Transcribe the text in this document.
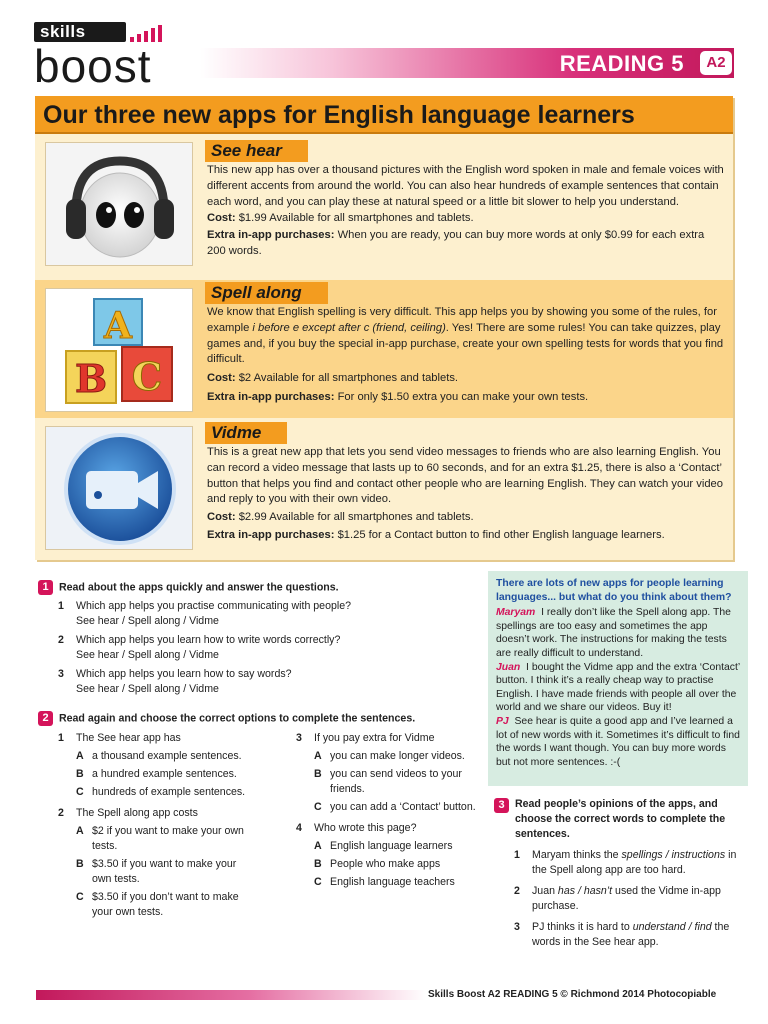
skills
boost	READING 5	A2
Our three new apps for English language learners
See hear

This new app has over a thousand pictures with the English word spoken in male and female voices with different accents from around the world. You can also hear hundreds of example sentences that contain each word, and you can play these at natural speed or a little bit slower to help you understand.

Cost: $1.99 Available for all smartphones and tablets.

Extra in-app purchases: When you are ready, you can buy more words at only $0.99 for each extra 200 words.

A
B C
Spell along

We know that English spelling is very difficult. This app helps you by showing you some of the rules, for example i before e except after c (friend, ceiling). Yes! There are some rules! You can take quizzes, play games and, if you buy the special in-app purchase, create your own spelling tests for words that you find difficult.

Cost: $2 Available for all smartphones and tablets.

Extra in-app purchases: For only $1.50 extra you can make your own tests.

Vidme

This is a great new app that lets you send video messages to friends who are also learning English. You can record a video message that lasts up to 60 seconds, and for an extra $1.25, there is also a ‘Contact’ button that helps you find and contact other people who are learning English. They can watch your video and reply to you with their own video.

Cost: $2.99 Available for all smartphones and tablets.

Extra in-app purchases: $1.25 for a Contact button to find other English language learners.

1 Read about the apps quickly and answer the questions.
1	Which app helps you practise communicating with people?
See hear / Spell along / Vidme
2	Which app helps you learn how to write words correctly?
See hear / Spell along / Vidme
3	Which app helps you learn how to say words?
See hear / Spell along / Vidme
2 Read again and choose the correct options to complete the sentences.
1	The See hear app has
A a thousand example sentences.
B a hundred example sentences.
C hundreds of example sentences.
2	The Spell along app costs
A $2 if you want to make your own tests.
B $3.50 if you want to make your own tests.
C $3.50 if you don’t want to make your own tests.
3	If you pay extra for Vidme
A you can make longer videos.
B you can send videos to your friends.
C you can add a ‘Contact’ button.
4	Who wrote this page?
A English language learners
B People who make apps
C English language teachers
There are lots of new apps for people learning languages... but what do you think about them?
Maryam I really don’t like the Spell along app. The spellings are too easy and sometimes the app doesn’t work. The instructions for making the tests are really difficult to understand.
Juan I bought the Vidme app and the extra ‘Contact’ button. I think it’s a really cheap way to practise English. I have made friends with people all over the world and we share our videos. Buy it!
PJ See hear is quite a good app and I’ve learned a lot of new words with it. Sometimes it’s difficult to find the words I want though. You can buy more words but not more sentences. :-(
3 Read people’s opinions of the apps, and choose the correct words to complete the sentences.
1	Maryam thinks the spellings / instructions in the Spell along app are too hard.
2	Juan has / hasn’t used the Vidme in-app purchase.
3	PJ thinks it is hard to understand / find the words in the See hear app.
Skills Boost A2 READING 5 © Richmond 2014 Photocopiable
